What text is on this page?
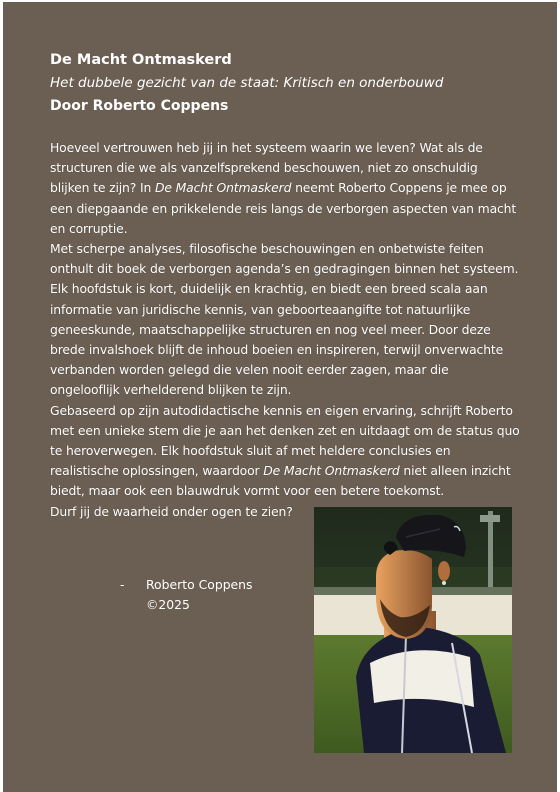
De Macht Ontmaskerd
Het dubbele gezicht van de staat: Kritisch en onderbouwd
Door Roberto Coppens

Hoeveel vertrouwen heb jij in het systeem waarin we leven? Wat als de structuren die we als vanzelfsprekend beschouwen, niet zo onschuldig blijken te zijn? In De Macht Ontmaskerd neemt Roberto Coppens je mee op een diepgaande en prikkelende reis langs de verborgen aspecten van macht en corruptie.

Met scherpe analyses, filosofische beschouwingen en onbetwiste feiten onthult dit boek de verborgen agenda’s en gedragingen binnen het systeem. Elk hoofdstuk is kort, duidelijk en krachtig, en biedt een breed scala aan informatie van juridische kennis, van geboorteaangifte tot natuurlijke geneeskunde, maatschappelijke structuren en nog veel meer. Door deze brede invalshoek blijft de inhoud boeien en inspireren, terwijl onverwachte verbanden worden gelegd die velen nooit eerder zagen, maar die ongelooflijk verhelderend blijken te zijn.

Gebaseerd op zijn autodidactische kennis en eigen ervaring, schrijft Roberto met een unieke stem die je aan het denken zet en uitdaagt om de status quo te heroverwegen. Elk hoofdstuk sluit af met heldere conclusies en realistische oplossingen, waardoor De Macht Ontmaskerd niet alleen inzicht biedt, maar ook een blauwdruk vormt voor een betere toekomst.

Durf jij de waarheid onder ogen te zien?

- Roberto Coppens
©2025
